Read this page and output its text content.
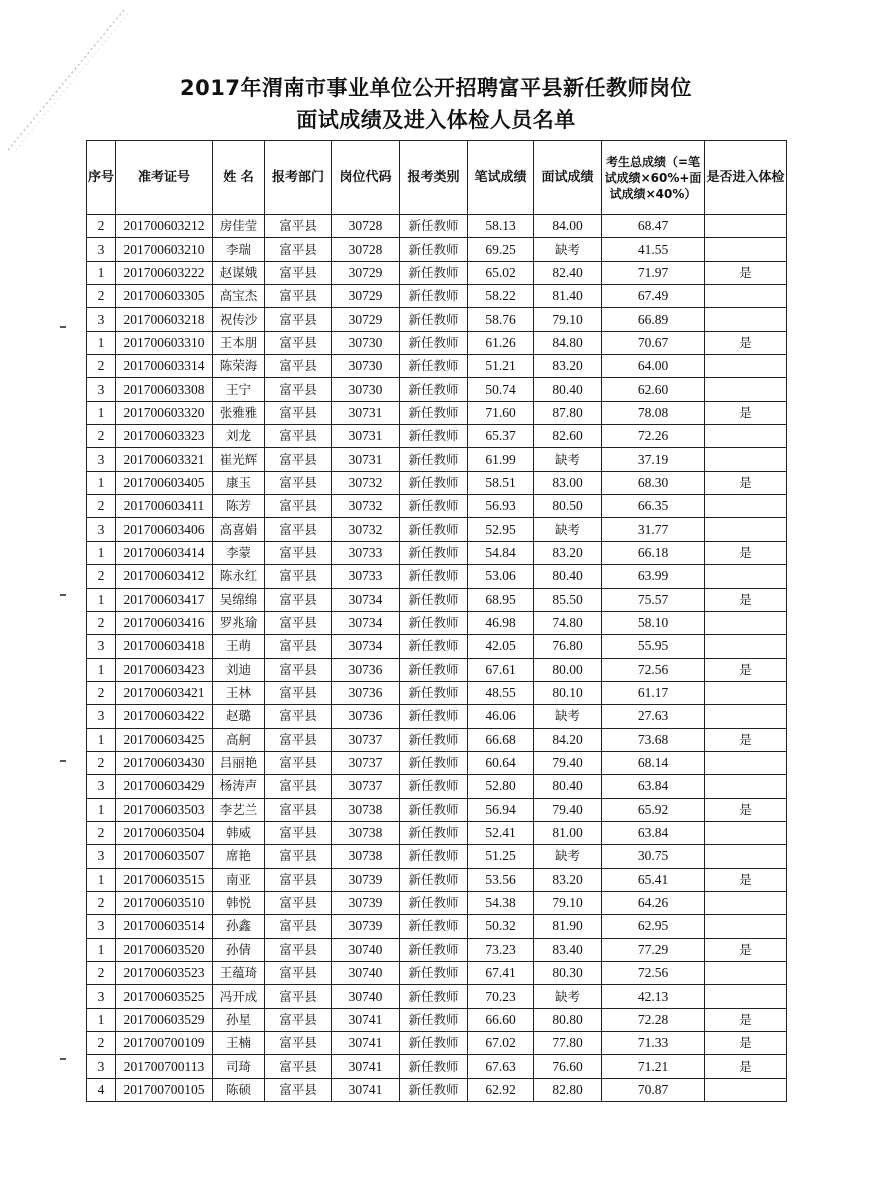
2017年渭南市事业单位公开招聘富平县新任教师岗位
面试成绩及进入体检人员名单
序号	准考证号	姓 名	报考部门	岗位代码	报考类别	笔试成绩	面试成绩	考生总成绩（=笔试成绩×60%+面试成绩×40%）	是否进入体检
2	201700603212	房佳莹	富平县	30728	新任教师	58.13	84.00	68.47	
3	201700603210	李瑞	富平县	30728	新任教师	69.25	缺考	41.55	
1	201700603222	赵谋娥	富平县	30729	新任教师	65.02	82.40	71.97	是
2	201700603305	高宝杰	富平县	30729	新任教师	58.22	81.40	67.49	
3	201700603218	祝传沙	富平县	30729	新任教师	58.76	79.10	66.89	
1	201700603310	王本朋	富平县	30730	新任教师	61.26	84.80	70.67	是
2	201700603314	陈荣海	富平县	30730	新任教师	51.21	83.20	64.00	
3	201700603308	王宁	富平县	30730	新任教师	50.74	80.40	62.60	
1	201700603320	张雅雅	富平县	30731	新任教师	71.60	87.80	78.08	是
2	201700603323	刘龙	富平县	30731	新任教师	65.37	82.60	72.26	
3	201700603321	崔光辉	富平县	30731	新任教师	61.99	缺考	37.19	
1	201700603405	康玉	富平县	30732	新任教师	58.51	83.00	68.30	是
2	201700603411	陈芳	富平县	30732	新任教师	56.93	80.50	66.35	
3	201700603406	高喜娟	富平县	30732	新任教师	52.95	缺考	31.77	
1	201700603414	李蒙	富平县	30733	新任教师	54.84	83.20	66.18	是
2	201700603412	陈永红	富平县	30733	新任教师	53.06	80.40	63.99	
1	201700603417	吴绵绵	富平县	30734	新任教师	68.95	85.50	75.57	是
2	201700603416	罗兆瑜	富平县	30734	新任教师	46.98	74.80	58.10	
3	201700603418	王萌	富平县	30734	新任教师	42.05	76.80	55.95	
1	201700603423	刘迪	富平县	30736	新任教师	67.61	80.00	72.56	是
2	201700603421	王林	富平县	30736	新任教师	48.55	80.10	61.17	
3	201700603422	赵璐	富平县	30736	新任教师	46.06	缺考	27.63	
1	201700603425	高舸	富平县	30737	新任教师	66.68	84.20	73.68	是
2	201700603430	吕丽艳	富平县	30737	新任教师	60.64	79.40	68.14	
3	201700603429	杨涛声	富平县	30737	新任教师	52.80	80.40	63.84	
1	201700603503	李艺兰	富平县	30738	新任教师	56.94	79.40	65.92	是
2	201700603504	韩威	富平县	30738	新任教师	52.41	81.00	63.84	
3	201700603507	席艳	富平县	30738	新任教师	51.25	缺考	30.75	
1	201700603515	南亚	富平县	30739	新任教师	53.56	83.20	65.41	是
2	201700603510	韩悦	富平县	30739	新任教师	54.38	79.10	64.26	
3	201700603514	孙鑫	富平县	30739	新任教师	50.32	81.90	62.95	
1	201700603520	孙倩	富平县	30740	新任教师	73.23	83.40	77.29	是
2	201700603523	王蕴琦	富平县	30740	新任教师	67.41	80.30	72.56	
3	201700603525	冯开成	富平县	30740	新任教师	70.23	缺考	42.13	
1	201700603529	孙星	富平县	30741	新任教师	66.60	80.80	72.28	是
2	201700700109	王楠	富平县	30741	新任教师	67.02	77.80	71.33	是
3	201700700113	司琦	富平县	30741	新任教师	67.63	76.60	71.21	是
4	201700700105	陈硕	富平县	30741	新任教师	62.92	82.80	70.87	
